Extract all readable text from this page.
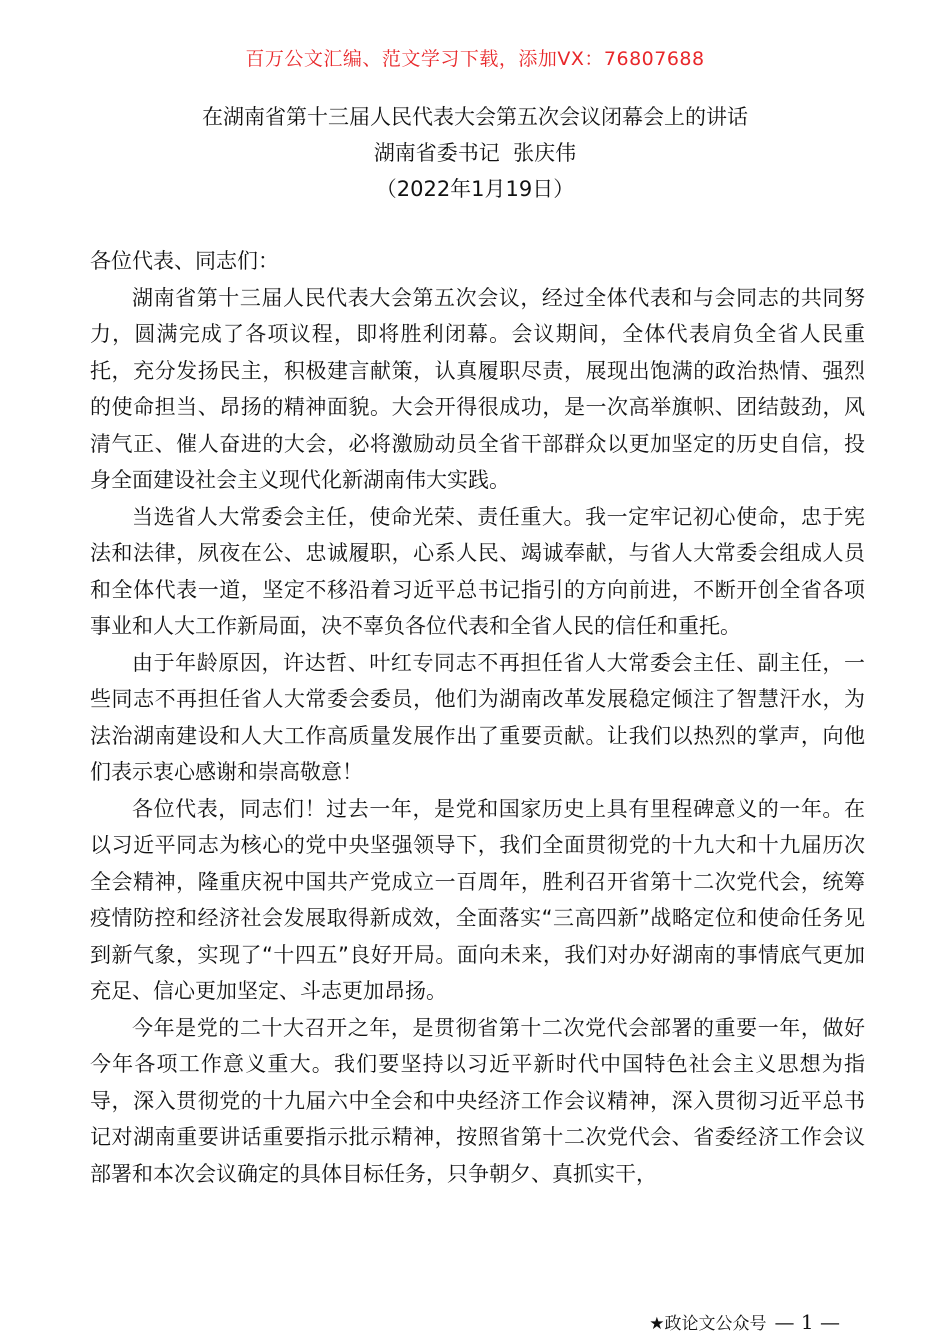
百万公文汇编、范文学习下载，添加VX：76807688
在湖南省第十三届人民代表大会第五次会议闭幕会上的讲话
湖南省委书记  张庆伟
（2022年1月19日）

各位代表、同志们：

湖南省第十三届人民代表大会第五次会议，经过全体代表和与会同志的共同努力，圆满完成了各项议程，即将胜利闭幕。会议期间，全体代表肩负全省人民重托，充分发扬民主，积极建言献策，认真履职尽责，展现出饱满的政治热情、强烈的使命担当、昂扬的精神面貌。大会开得很成功，是一次高举旗帜、团结鼓劲，风清气正、催人奋进的大会，必将激励动员全省干部群众以更加坚定的历史自信，投身全面建设社会主义现代化新湖南伟大实践。

当选省人大常委会主任，使命光荣、责任重大。我一定牢记初心使命，忠于宪法和法律，夙夜在公、忠诚履职，心系人民、竭诚奉献，与省人大常委会组成人员和全体代表一道，坚定不移沿着习近平总书记指引的方向前进，不断开创全省各项事业和人大工作新局面，决不辜负各位代表和全省人民的信任和重托。

由于年龄原因，许达哲、叶红专同志不再担任省人大常委会主任、副主任，一些同志不再担任省人大常委会委员，他们为湖南改革发展稳定倾注了智慧汗水，为法治湖南建设和人大工作高质量发展作出了重要贡献。让我们以热烈的掌声，向他们表示衷心感谢和崇高敬意！

各位代表，同志们！过去一年，是党和国家历史上具有里程碑意义的一年。在以习近平同志为核心的党中央坚强领导下，我们全面贯彻党的十九大和十九届历次全会精神，隆重庆祝中国共产党成立一百周年，胜利召开省第十二次党代会，统筹疫情防控和经济社会发展取得新成效，全面落实“三高四新”战略定位和使命任务见到新气象，实现了“十四五”良好开局。面向未来，我们对办好湖南的事情底气更加充足、信心更加坚定、斗志更加昂扬。

今年是党的二十大召开之年，是贯彻省第十二次党代会部署的重要一年，做好今年各项工作意义重大。我们要坚持以习近平新时代中国特色社会主义思想为指导，深入贯彻党的十九届六中全会和中央经济工作会议精神，深入贯彻习近平总书记对湖南重要讲话重要指示批示精神，按照省第十二次党代会、省委经济工作会议部署和本次会议确定的具体目标任务，只争朝夕、真抓实干，

★政论文公众号 — 1 —
